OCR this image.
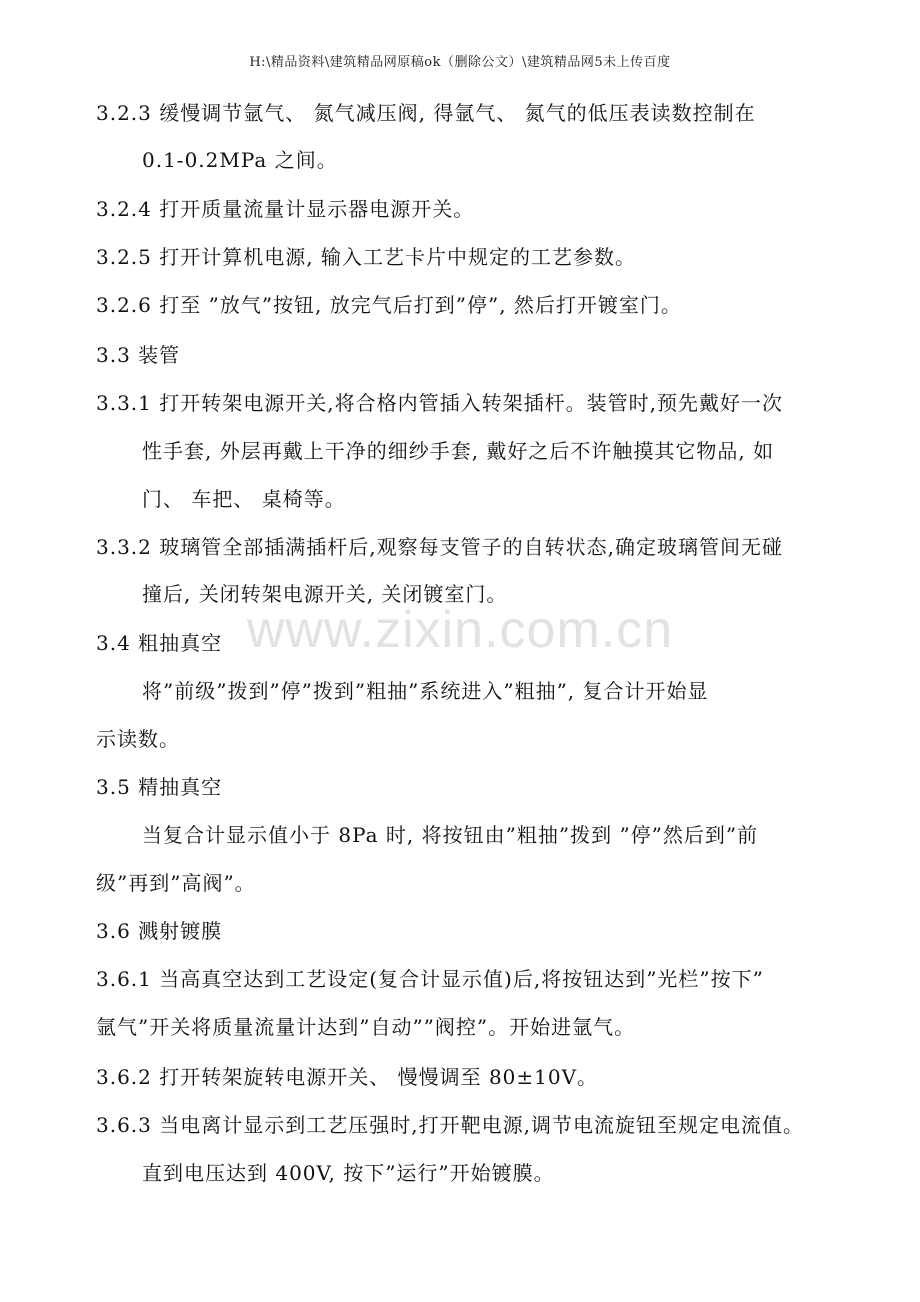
H:\精品资料\建筑精品网原稿ok（删除公文）\建筑精品网5未上传百度
www.zixin.com.cn
3.2.3 缓慢调节氩气、 氮气减压阀, 得氩气、 氮气的低压表读数控制在
0.1-0.2MPa 之间。
3.2.4 打开质量流量计显示器电源开关。
3.2.5 打开计算机电源, 输入工艺卡片中规定的工艺参数。
3.2.6 打至 ”放气”按钮, 放完气后打到”停”, 然后打开镀室门。
3.3 装管
3.3.1 打开转架电源开关,将合格内管插入转架插杆。装管时,预先戴好一次
性手套, 外层再戴上干净的细纱手套, 戴好之后不许触摸其它物品, 如
门、 车把、 桌椅等。
3.3.2 玻璃管全部插满插杆后,观察每支管子的自转状态,确定玻璃管间无碰
撞后, 关闭转架电源开关, 关闭镀室门。
3.4 粗抽真空
将”前级”拨到”停”拨到”粗抽”系统进入”粗抽”, 复合计开始显
示读数。
3.5 精抽真空
当复合计显示值小于 8Pa 时, 将按钮由”粗抽”拨到 ”停”然后到”前
级”再到”高阀”。
3.6 溅射镀膜
3.6.1 当高真空达到工艺设定(复合计显示值)后,将按钮达到”光栏”按下”
氩气”开关将质量流量计达到”自动””阀控”。开始进氩气。
3.6.2 打开转架旋转电源开关、 慢慢调至 80±10V。
3.6.3 当电离计显示到工艺压强时,打开靶电源,调节电流旋钮至规定电流值。
直到电压达到 400V, 按下”运行”开始镀膜。
